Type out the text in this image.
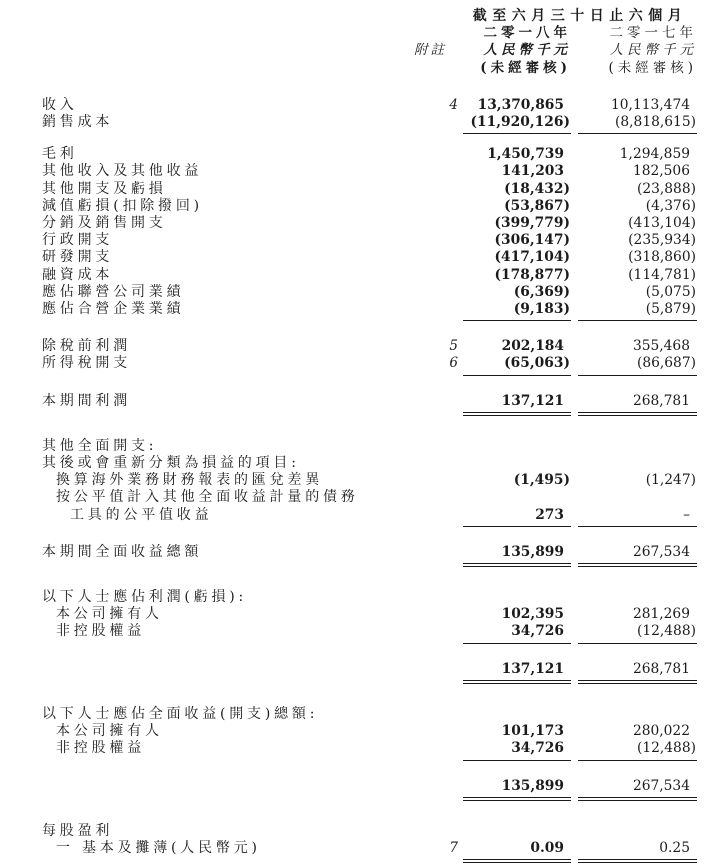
截至六月三十日止六個月
二零一八年	二零一七年
附註	人民幣千元	人民幣千元
(未經審核)	(未經審核)
收入	4	13,370,865	10,113,474
銷售成本	(11,920,126)	(8,818,615)
毛利	1,450,739	1,294,859
其他收入及其他收益	141,203	182,506
其他開支及虧損	(18,432)	(23,888)
減值虧損(扣除撥回)	(53,867)	(4,376)
分銷及銷售開支	(399,779)	(413,104)
行政開支	(306,147)	(235,934)
研發開支	(417,104)	(318,860)
融資成本	(178,877)	(114,781)
應佔聯營公司業績	(6,369)	(5,075)
應佔合營企業業績	(9,183)	(5,879)
除稅前利潤	5	202,184	355,468
所得稅開支	6	(65,063)	(86,687)
本期間利潤	137,121	268,781
其他全面開支:
其後或會重新分類為損益的項目:
換算海外業務財務報表的匯兌差異	(1,495)	(1,247)
按公平值計入其他全面收益計量的債務
工具的公平值收益	273	–
本期間全面收益總額	135,899	267,534
以下人士應佔利潤(虧損):
本公司擁有人	102,395	281,269
非控股權益	34,726	(12,488)
137,121	268,781
以下人士應佔全面收益(開支)總額:
本公司擁有人	101,173	280,022
非控股權益	34,726	(12,488)
135,899	267,534
每股盈利
一 基本及攤薄(人民幣元)	7	0.09	0.25
